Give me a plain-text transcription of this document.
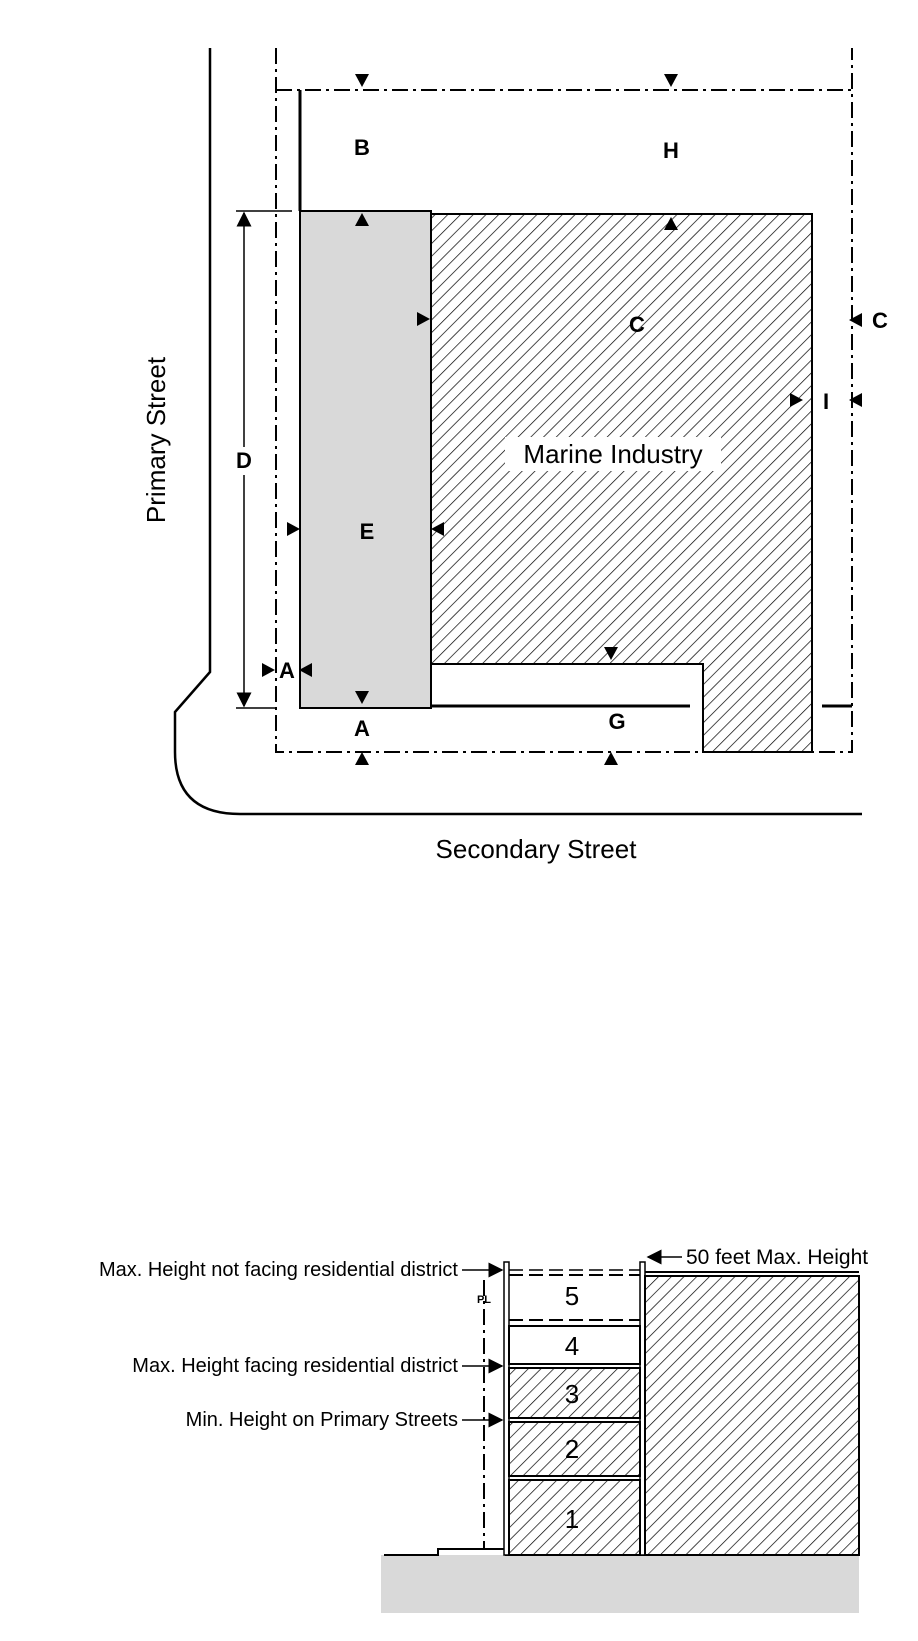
Primary Street
Secondary Street
Marine Industry
B	H
C	C
I
D
E
A
A	G
PL
1
2
3
4
5
Max. Height not facing residential district
Max. Height facing residential district
Min. Height on Primary Streets
50 feet Max. Height
